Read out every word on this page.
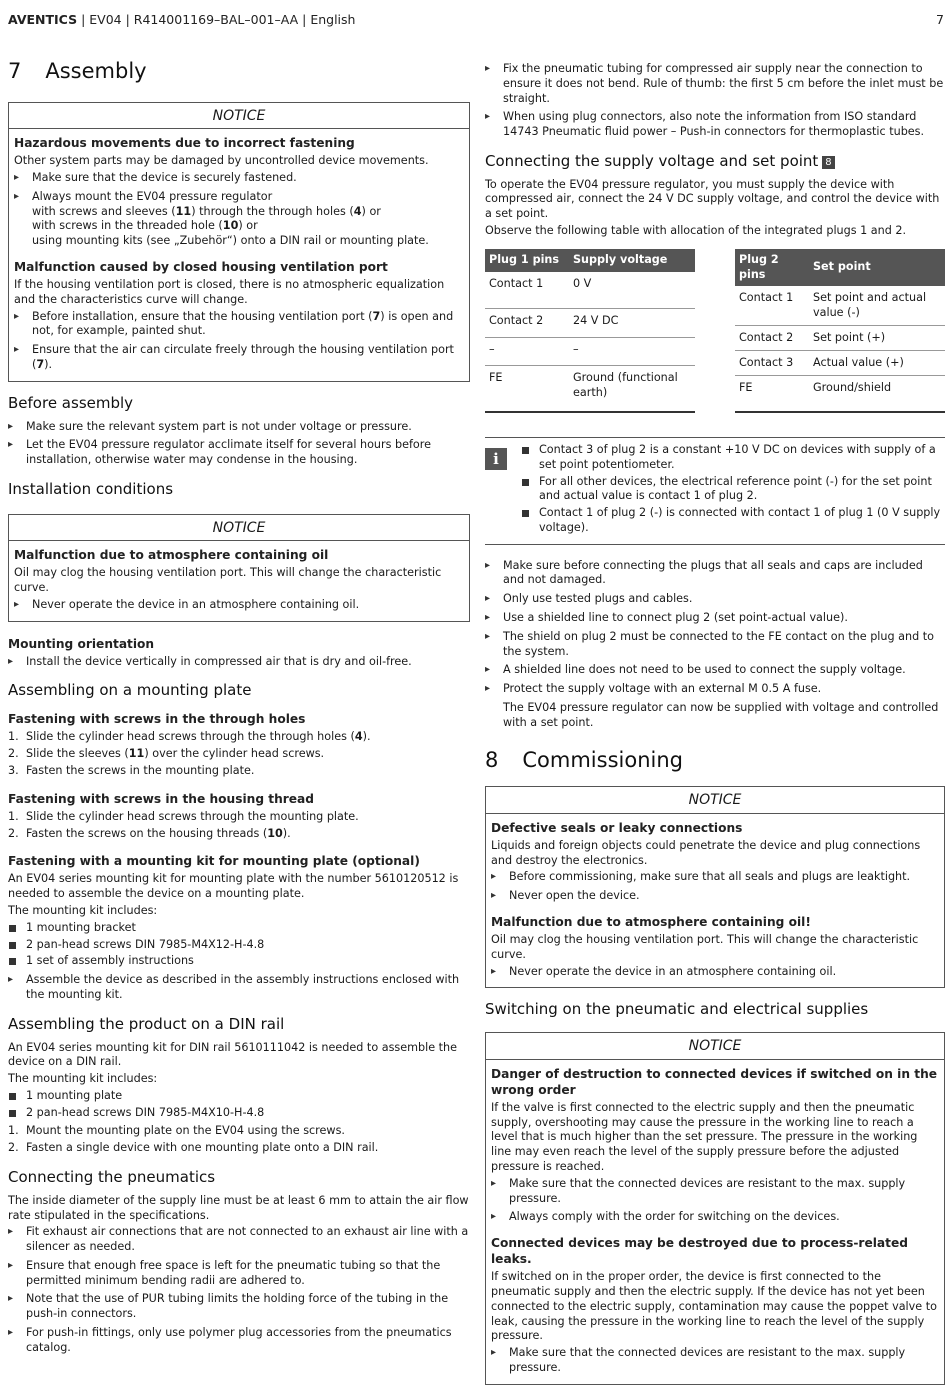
AVENTICS | EV04 | R414001169–BAL–001–AA | English	7
7 Assembly
NOTICE
Hazardous movements due to incorrect fastening

Other system parts may be damaged by uncontrolled device movements.

▸ Make sure that the device is securely fastened.
▸ Always mount the EV04 pressure regulator
with screws and sleeves (11) through the through holes (4) or
with screws in the threaded hole (10) or
using mounting kits (see „Zubehör“) onto a DIN rail or mounting plate.
Malfunction caused by closed housing ventilation port

If the housing ventilation port is closed, there is no atmospheric equalization and the characteristics curve will change.

▸ Before installation, ensure that the housing ventilation port (7) is open and not, for example, painted shut.
▸ Ensure that the air can circulate freely through the housing ventilation port (7).
Before assembly
▸ Make sure the relevant system part is not under voltage or pressure.
▸ Let the EV04 pressure regulator acclimate itself for several hours before installation, otherwise water may condense in the housing.
Installation conditions
NOTICE
Malfunction due to atmosphere containing oil

Oil may clog the housing ventilation port. This will change the characteristic curve.

▸ Never operate the device in an atmosphere containing oil.
Mounting orientation
▸ Install the device vertically in compressed air that is dry and oil-free.
Assembling on a mounting plate
Fastening with screws in the through holes
1. Slide the cylinder head screws through the through holes (4).
2. Slide the sleeves (11) over the cylinder head screws.
3. Fasten the screws in the mounting plate.
Fastening with screws in the housing thread
1. Slide the cylinder head screws through the mounting plate.
2. Fasten the screws on the housing threads (10).
Fastening with a mounting kit for mounting plate (optional)

An EV04 series mounting kit for mounting plate with the number 5610120512 is needed to assemble the device on a mounting plate.

The mounting kit includes:

1 mounting bracket
2 pan-head screws DIN 7985-M4X12-H-4.8
1 set of assembly instructions
▸ Assemble the device as described in the assembly instructions enclosed with the mounting kit.
Assembling the product on a DIN rail

An EV04 series mounting kit for DIN rail 5610111042 is needed to assemble the device on a DIN rail.

The mounting kit includes:

1 mounting plate
2 pan-head screws DIN 7985-M4X10-H-4.8
1. Mount the mounting plate on the EV04 using the screws.
2. Fasten a single device with one mounting plate onto a DIN rail.
Connecting the pneumatics

The inside diameter of the supply line must be at least 6 mm to attain the air flow rate stipulated in the specifications.

▸ Fit exhaust air connections that are not connected to an exhaust air line with a silencer as needed.
▸ Ensure that enough free space is left for the pneumatic tubing so that the permitted minimum bending radii are adhered to.
▸ Note that the use of PUR tubing limits the holding force of the tubing in the push-in connectors.
▸ For push-in fittings, only use polymer plug accessories from the pneumatics catalog.
▸ Fix the pneumatic tubing for compressed air supply near the connection to ensure it does not bend. Rule of thumb: the first 5 cm before the inlet must be straight.
▸ When using plug connectors, also note the information from ISO standard 14743 Pneumatic fluid power – Push-in connectors for thermoplastic tubes.
Connecting the supply voltage and set point 8

To operate the EV04 pressure regulator, you must supply the device with compressed air, connect the 24 V DC supply voltage, and control the device with a set point.

Observe the following table with allocation of the integrated plugs 1 and 2.

Plug 1 pins	Supply voltage
Contact 1	0 V
Contact 2	24 V DC
–	–
FE	Ground (functional earth)
Plug 2 pins	Set point
Contact 1	Set point and actual value (-)
Contact 2	Set point (+)
Contact 3	Actual value (+)
FE	Ground/shield
i
Contact 3 of plug 2 is a constant +10 V DC on devices with supply of a set point potentiometer.
For all other devices, the electrical reference point (-) for the set point and actual value is contact 1 of plug 2.
Contact 1 of plug 2 (-) is connected with contact 1 of plug 1 (0 V supply voltage).
▸ Make sure before connecting the plugs that all seals and caps are included and not damaged.
▸ Only use tested plugs and cables.
▸ Use a shielded line to connect plug 2 (set point-actual value).
▸ The shield on plug 2 must be connected to the FE contact on the plug and to the system.
▸ A shielded line does not need to be used to connect the supply voltage.
▸ Protect the supply voltage with an external M 0.5 A fuse.

The EV04 pressure regulator can now be supplied with voltage and controlled with a set point.

8 Commissioning
NOTICE
Defective seals or leaky connections

Liquids and foreign objects could penetrate the device and plug connections and destroy the electronics.

▸ Before commissioning, make sure that all seals and plugs are leaktight.
▸ Never open the device.
Malfunction due to atmosphere containing oil!

Oil may clog the housing ventilation port. This will change the characteristic curve.

▸ Never operate the device in an atmosphere containing oil.
Switching on the pneumatic and electrical supplies
NOTICE
Danger of destruction to connected devices if switched on in the wrong order

If the valve is first connected to the electric supply and then the pneumatic supply, overshooting may cause the pressure in the working line to reach a level that is much higher than the set pressure. The pressure in the working line may even reach the level of the supply pressure before the adjusted pressure is reached.

▸ Make sure that the connected devices are resistant to the max. supply pressure.
▸ Always comply with the order for switching on the devices.
Connected devices may be destroyed due to process-related leaks.

If switched on in the proper order, the device is first connected to the pneumatic supply and then the electric supply. If the device has not yet been connected to the electric supply, contamination may cause the poppet valve to leak, causing the pressure in the working line to reach the level of the supply pressure.

▸ Make sure that the connected devices are resistant to the max. supply pressure.
